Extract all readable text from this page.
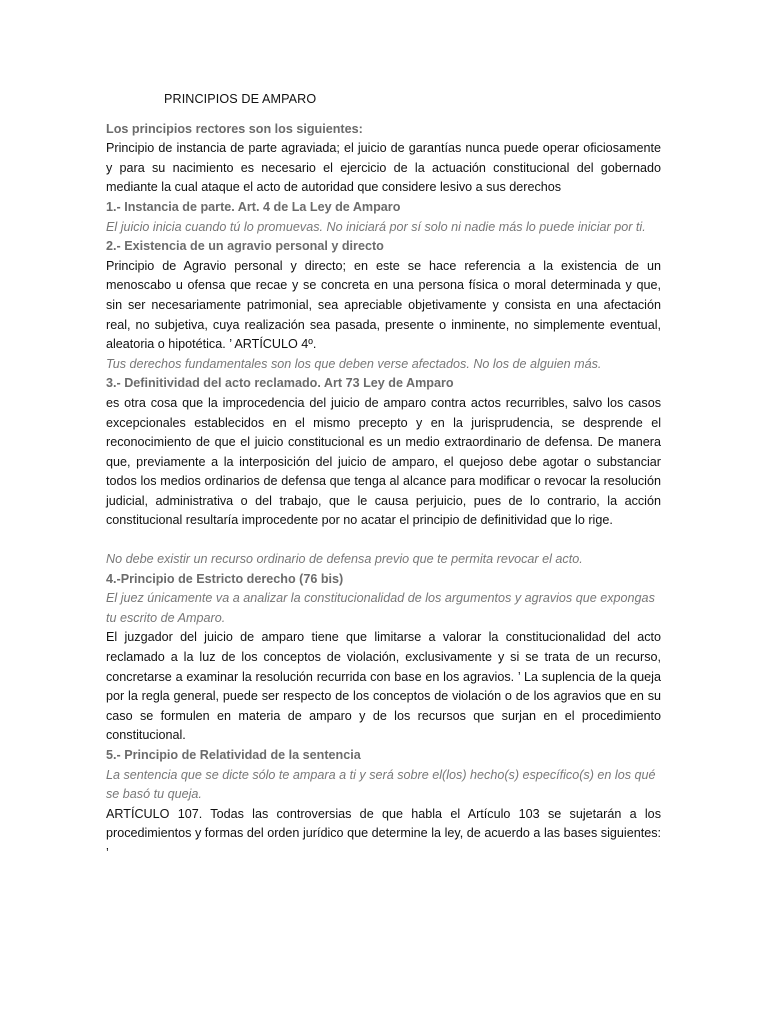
PRINCIPIOS DE AMPARO

Los principios rectores son los siguientes:

Principio de instancia de parte agraviada; el juicio de garantías nunca puede operar oficiosamente y para su nacimiento es necesario el ejercicio de la actuación constitucional del gobernado mediante la cual ataque el acto de autoridad que considere lesivo a sus derechos

1.- Instancia de parte. Art. 4 de La Ley de Amparo

El juicio inicia cuando tú lo promuevas. No iniciará por sí solo ni nadie más lo puede iniciar por ti.

2.- Existencia de un agravio personal y directo

Principio de Agravio personal y directo; en este se hace referencia a la existencia de un menoscabo u ofensa que recae y se concreta en una persona física o moral determinada y que, sin ser necesariamente patrimonial, sea apreciable objetivamente y consista en una afectación real, no subjetiva, cuya realización sea pasada, presente o inminente, no simplemente eventual, aleatoria o hipotética. ’ ARTÍCULO 4º.

Tus derechos fundamentales son los que deben verse afectados. No los de alguien más.

3.- Definitividad del acto reclamado. Art 73 Ley de Amparo

es otra cosa que la improcedencia del juicio de amparo contra actos recurribles, salvo los casos excepcionales establecidos en el mismo precepto y en la jurisprudencia, se desprende el reconocimiento de que el juicio constitucional es un medio extraordinario de defensa. De manera que, previamente a la interposición del juicio de amparo, el quejoso debe agotar o substanciar todos los medios ordinarios de defensa que tenga al alcance para modificar o revocar la resolución judicial, administrativa o del trabajo, que le causa perjuicio, pues de lo contrario, la acción constitucional resultaría improcedente por no acatar el principio de definitividad que lo rige.

No debe existir un recurso ordinario de defensa previo que te permita revocar el acto.

4.-Principio de Estricto derecho (76 bis)

El juez únicamente va a analizar la constitucionalidad de los argumentos y agravios que expongas tu escrito de Amparo.

El juzgador del juicio de amparo tiene que limitarse a valorar la constitucionalidad del acto reclamado a la luz de los conceptos de violación, exclusivamente y si se trata de un recurso, concretarse a examinar la resolución recurrida con base en los agravios. ’ La suplencia de la queja por la regla general, puede ser respecto de los conceptos de violación o de los agravios que en su caso se formulen en materia de amparo y de los recursos que surjan en el procedimiento constitucional.

5.- Principio de Relatividad de la sentencia

La sentencia que se dicte sólo te ampara a ti y será sobre el(los) hecho(s) específico(s) en los qué se basó tu queja.

ARTÍCULO 107. Todas las controversias de que habla el Artículo 103 se sujetarán a los procedimientos y formas del orden jurídico que determine la ley, de acuerdo a las bases siguientes: ’
